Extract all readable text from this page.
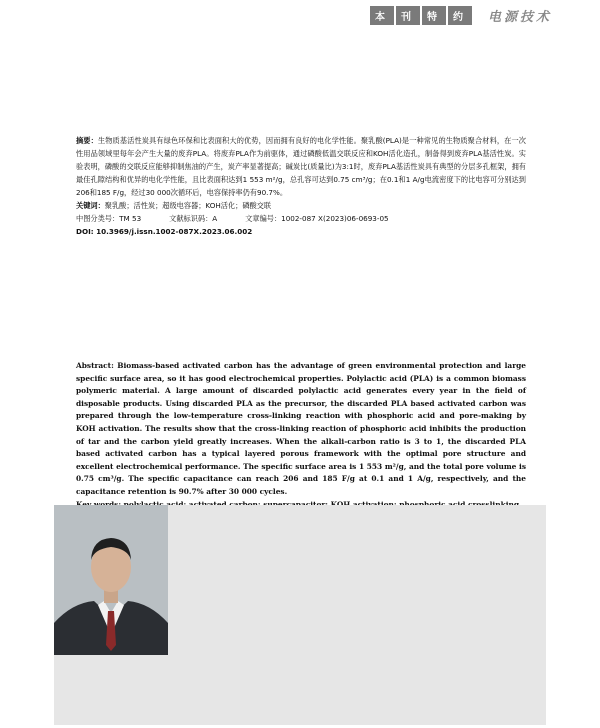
本	刊	特	约	电源技术

摘要：生物质基活性炭具有绿色环保和比表面积大的优势，因而拥有良好的电化学性能。聚乳酸(PLA)是一种常见的生物质聚合材料，在一次性用品领域里每年会产生大量的废弃PLA。将废弃PLA作为前驱体，通过磷酸低温交联反应和KOH活化造孔，制备得到废弃PLA基活性炭。实验表明，磷酸的交联反应能够抑制焦油的产生，炭产率显著提高；碱炭比(质量比)为3:1时，废弃PLA基活性炭具有典型的分层多孔框架，拥有最佳孔隙结构和优异的电化学性能，且比表面积达到1 553 m²/g，总孔容可达到0.75 cm³/g；在0.1和1 A/g电流密度下的比电容可分别达到206和185 F/g，经过30 000次循环后，电容保持率仍有90.7%。

关键词：聚乳酸；活性炭；超级电容器；KOH活化；磷酸交联

中图分类号：TM 53	文献标识码：A	文章编号：1002-087 X(2023)06-0693-05

DOI: 10.3969/j.issn.1002-087X.2023.06.002

Abstract: Biomass-based activated carbon has the advantage of green environmental protection and large specific surface area, so it has good electrochemical properties. Polylactic acid (PLA) is a common biomass polymeric material. A large amount of discarded polylactic acid generates every year in the field of disposable products. Using discarded PLA as the precursor, the discarded PLA based activated carbon was prepared through the low-temperature cross-linking reaction with phosphoric acid and pore-making by KOH activation. The results show that the cross-linking reaction of phosphoric acid inhibits the production of tar and the carbon yield greatly increases. When the alkali-carbon ratio is 3 to 1, the discarded PLA based activated carbon has a typical layered porous framework with the optimal pore structure and excellent electrochemical performance. The specific surface area is 1 553 m²/g, and the total pore volume is 0.75 cm³/g. The specific capacitance can reach 206 and 185 F/g at 0.1 and 1 A/g, respectively, and the capacitance retention is 90.7% after 30 000 cycles.
